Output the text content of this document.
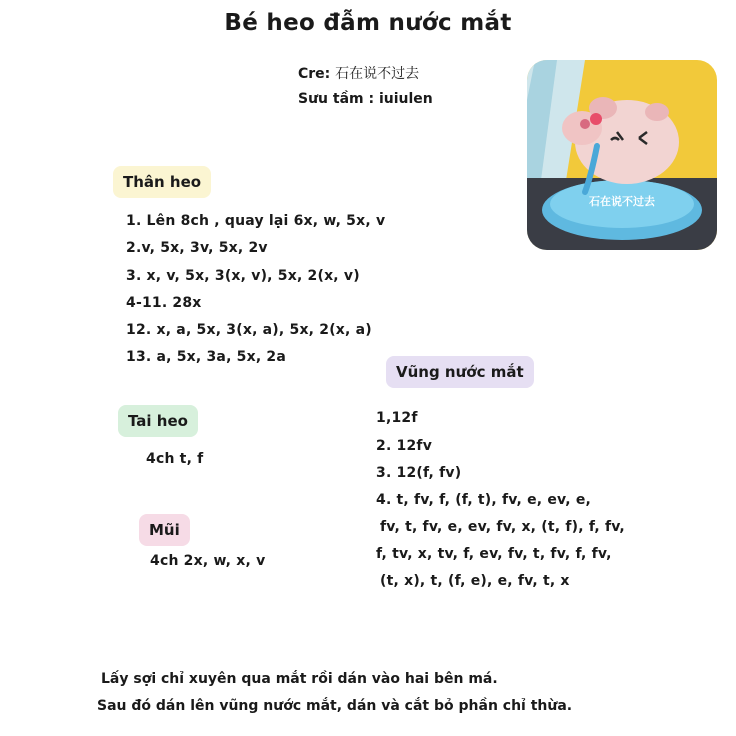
Bé heo đẫm nước mắt
Cre: 石在说不过去
Sưu tầm : iuiulen
石在说不过去
Thân heo
1. Lên 8ch , quay lại 6x, w, 5x, v
2.v, 5x, 3v, 5x, 2v
3. x, v, 5x, 3(x, v), 5x, 2(x, v)
4-11. 28x
12. x, a, 5x, 3(x, a), 5x, 2(x, a)
13. a, 5x, 3a, 5x, 2a
Tai heo
4ch t, f
Mũi
4ch 2x, w, x, v
Vũng nước mắt
1,12f
2. 12fv
3. 12(f, fv)
4. t, fv, f, (f, t), fv, e, ev, e,
fv, t, fv, e, ev, fv, x, (t, f), f, fv,
f, tv, x, tv, f, ev, fv, t, fv, f, fv,
(t, x), t, (f, e), e, fv, t, x
Lấy sợi chỉ xuyên qua mắt rồi dán vào hai bên má.
Sau đó dán lên vũng nước mắt, dán và cắt bỏ phần chỉ thừa.
